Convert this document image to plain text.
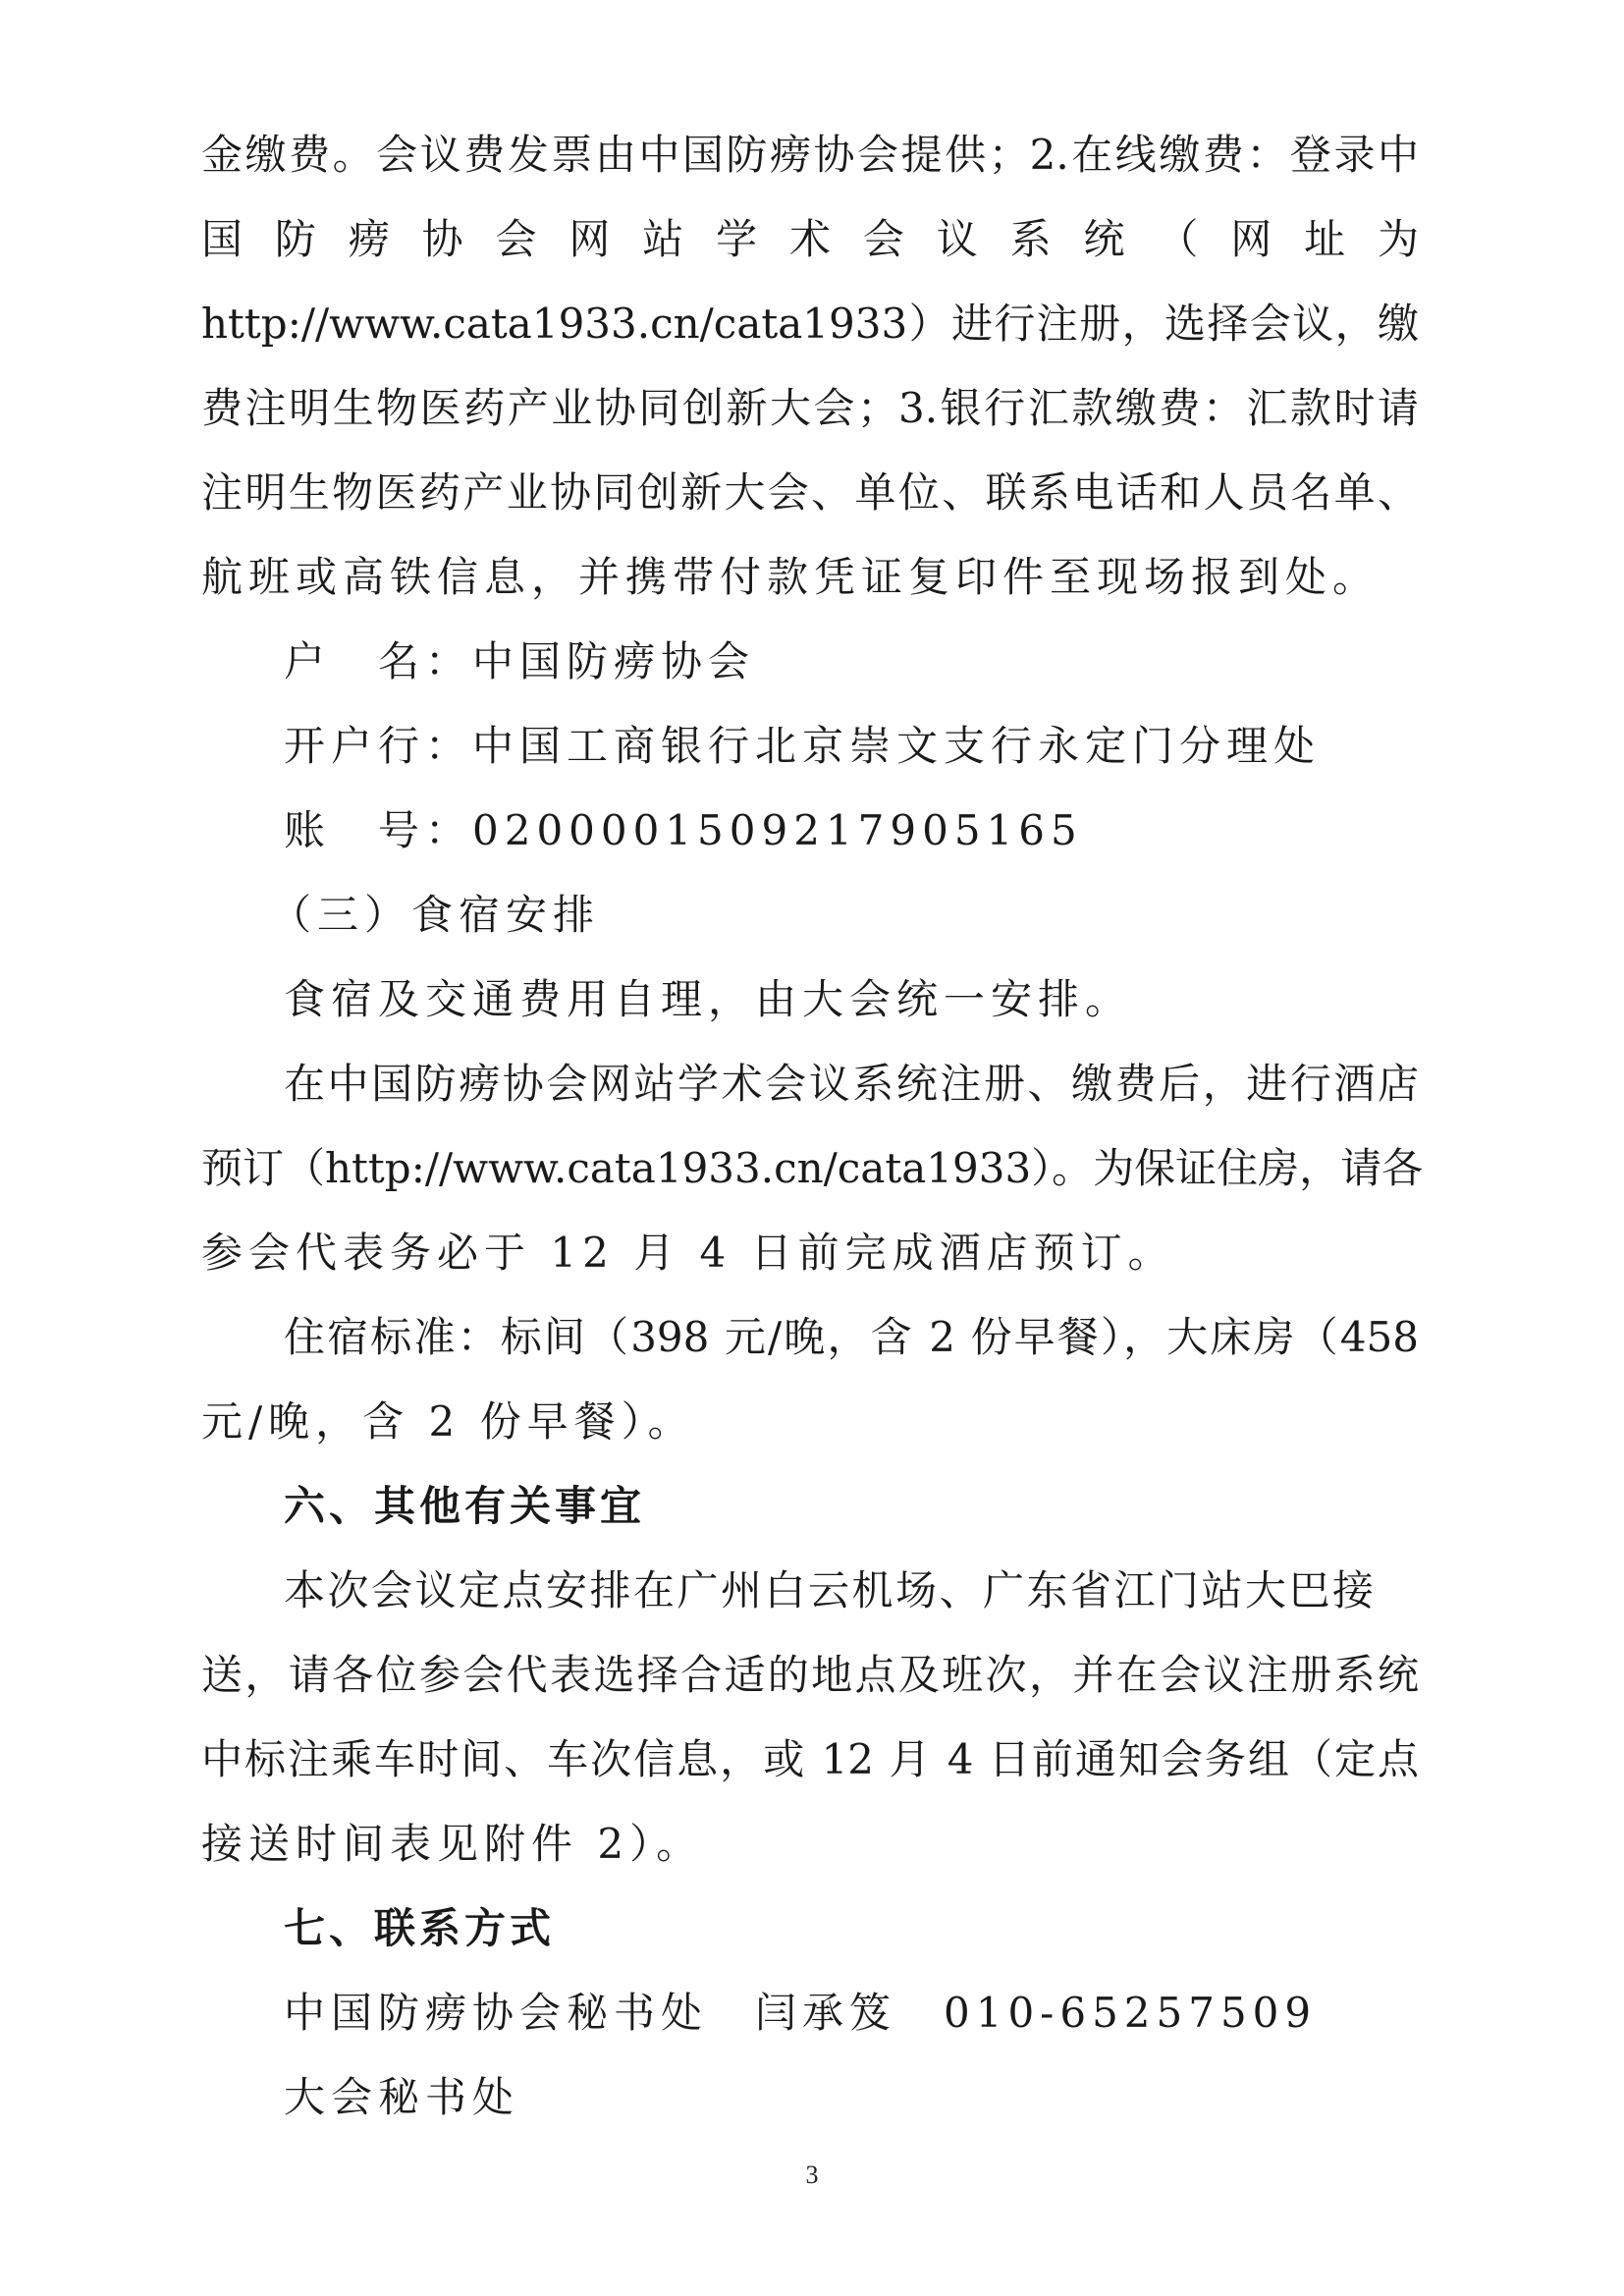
金缴费。会议费发票由中国防痨协会提供；2.在线缴费：登录中
国 防 痨 协 会 网 站 学 术 会 议 系 统 （ 网 址 为
http://www.cata1933.cn/cata1933）进行注册，选择会议，缴
费注明生物医药产业协同创新大会；3.银行汇款缴费：汇款时请
注明生物医药产业协同创新大会、单位、联系电话和人员名单、
航班或高铁信息，并携带付款凭证复印件至现场报到处。
户　名：中国防痨协会
开户行：中国工商银行北京崇文支行永定门分理处
账　号：0200001509217905165
（三）食宿安排
食宿及交通费用自理，由大会统一安排。
在中国防痨协会网站学术会议系统注册、缴费后，进行酒店
预订（http://www.cata1933.cn/cata1933）。为保证住房，请各
参会代表务必于 12 月 4 日前完成酒店预订。
住宿标准：标间（398 元/晚，含 2 份早餐），大床房（458
元/晚，含 2 份早餐）。
六、其他有关事宜
本次会议定点安排在广州白云机场、广东省江门站大巴接
送，请各位参会代表选择合适的地点及班次，并在会议注册系统
中标注乘车时间、车次信息，或 12 月 4 日前通知会务组（定点
接送时间表见附件 2）。
七、联系方式
中国防痨协会秘书处　闫承笈　010-65257509
大会秘书处
3
